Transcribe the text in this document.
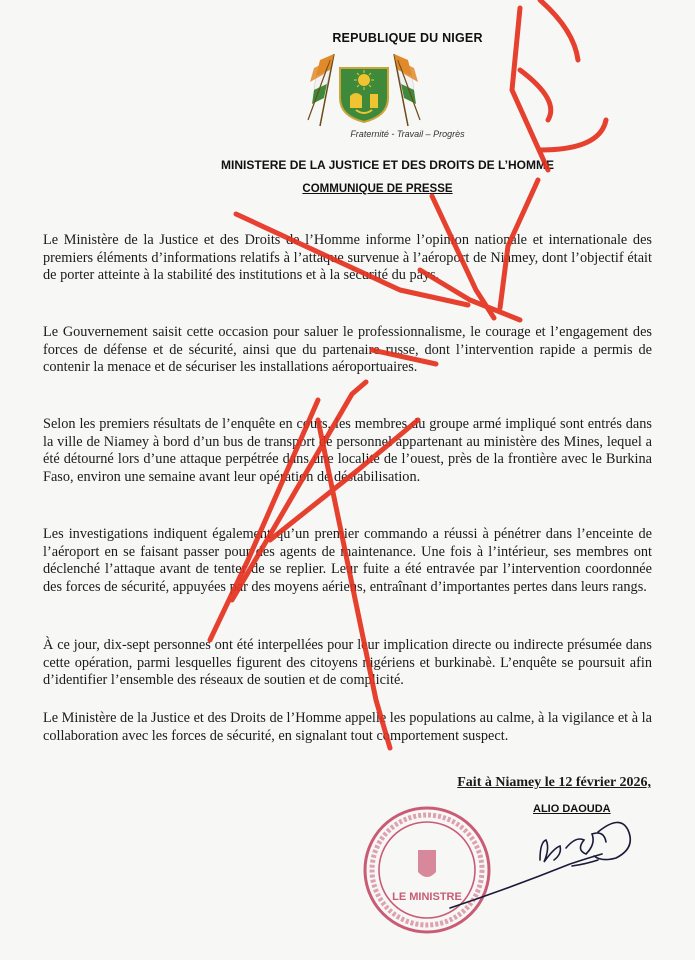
REPUBLIQUE DU NIGER
Fraternité - Travail – Progrès
MINISTERE DE LA JUSTICE ET DES DROITS DE L’HOMME
COMMUNIQUE DE PRESSE

Le Ministère de la Justice et des Droits de l’Homme informe l’opinion nationale et internationale des premiers éléments d’informations relatifs à l’attaque survenue à l’aéroport de Niamey, dont l’objectif était de porter atteinte à la stabilité des institutions et à la sécurité du pays.

Le Gouvernement saisit cette occasion pour saluer le professionnalisme, le courage et l’engagement des forces de défense et de sécurité, ainsi que du partenaire russe, dont l’intervention rapide a permis de contenir la menace et de sécuriser les installations aéroportuaires.

Selon les premiers résultats de l’enquête en cours, les membres du groupe armé impliqué sont entrés dans la ville de Niamey à bord d’un bus de transport de personnel appartenant au ministère des Mines, lequel a été détourné lors d’une attaque perpétrée dans une localité de l’ouest, près de la frontière avec le Burkina Faso, environ une semaine avant leur opération de déstabilisation.

Les investigations indiquent également qu’un premier commando a réussi à pénétrer dans l’enceinte de l’aéroport en se faisant passer pour des agents de maintenance. Une fois à l’intérieur, ses membres ont déclenché l’attaque avant de tenter de se replier. Leur fuite a été entravée par l’intervention coordonnée des forces de sécurité, appuyées par des moyens aériens, entraînant d’importantes pertes dans leurs rangs.

À ce jour, dix-sept personnes ont été interpellées pour leur implication directe ou indirecte présumée dans cette opération, parmi lesquelles figurent des citoyens nigériens et burkinabè. L’enquête se poursuit afin d’identifier l’ensemble des réseaux de soutien et de complicité.

Le Ministère de la Justice et des Droits de l’Homme appelle les populations au calme, à la vigilance et à la collaboration avec les forces de sécurité, en signalant tout comportement suspect.

Fait à Niamey le 12 février 2026,
ALIO DAOUDA
LE MINISTRE
